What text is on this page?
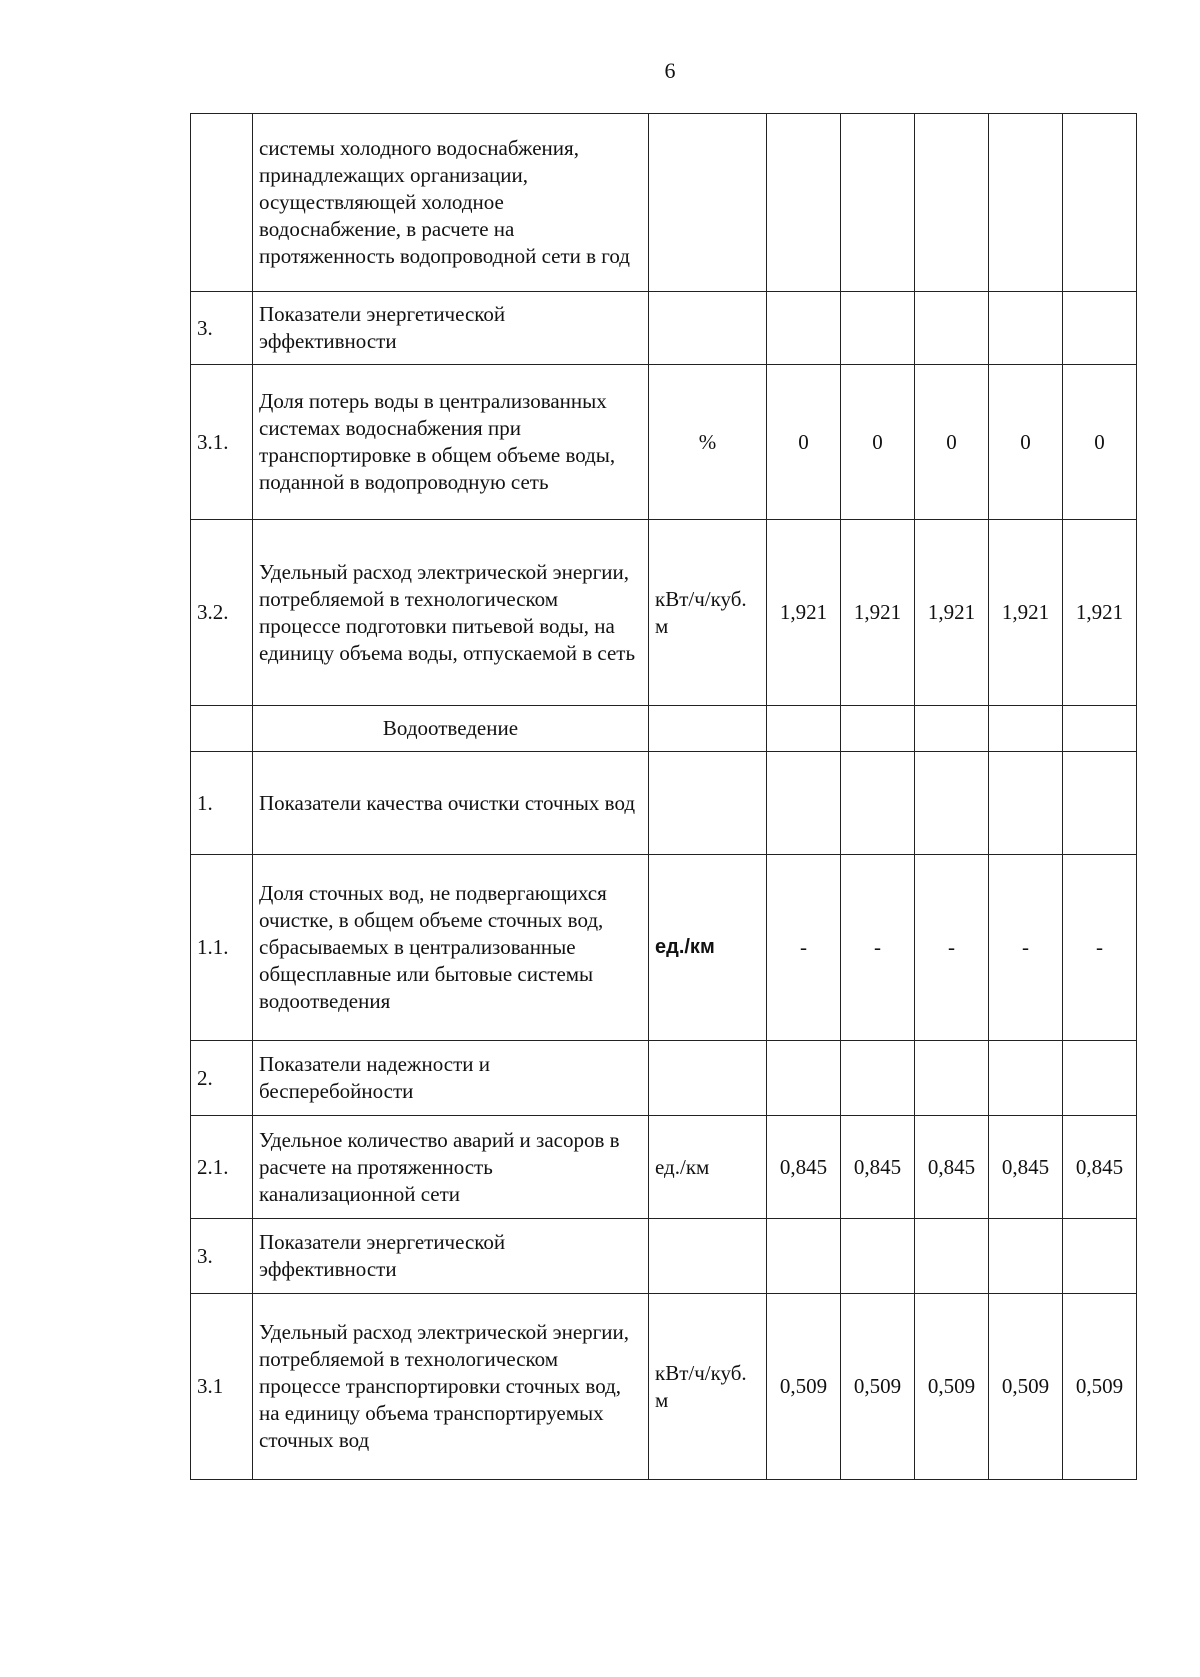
6
	системы холодного водоснабжения, принадлежащих организации, осуществляющей холодное водоснабжение, в расчете на протяженность водопроводной сети в год						
3.	Показатели энергетической эффективности						
3.1.	Доля потерь воды в централизованных системах водоснабжения при транспортировке в общем объеме воды, поданной в водопроводную сеть	%	0	0	0	0	0
3.2.	Удельный расход электрической энергии, потребляемой в технологическом процессе подготовки питьевой воды, на единицу объема воды, отпускаемой в сеть	кВт/ч/куб. м	1,921	1,921	1,921	1,921	1,921
	Водоотведение						
1.	Показатели качества очистки сточных вод						
1.1.	Доля сточных вод, не подвергающихся очистке, в общем объеме сточных вод, сбрасываемых в централизованные общесплавные или бытовые системы водоотведения	ед./км	-	-	-	-	-
2.	Показатели надежности и бесперебойности						
2.1.	Удельное количество аварий и засоров в расчете на протяженность канализационной сети	ед./км	0,845	0,845	0,845	0,845	0,845
3.	Показатели энергетической эффективности						
3.1	Удельный расход электрической энергии, потребляемой в технологическом процессе транспортировки сточных вод, на единицу объема транспортируемых сточных вод	кВт/ч/куб. м	0,509	0,509	0,509	0,509	0,509
